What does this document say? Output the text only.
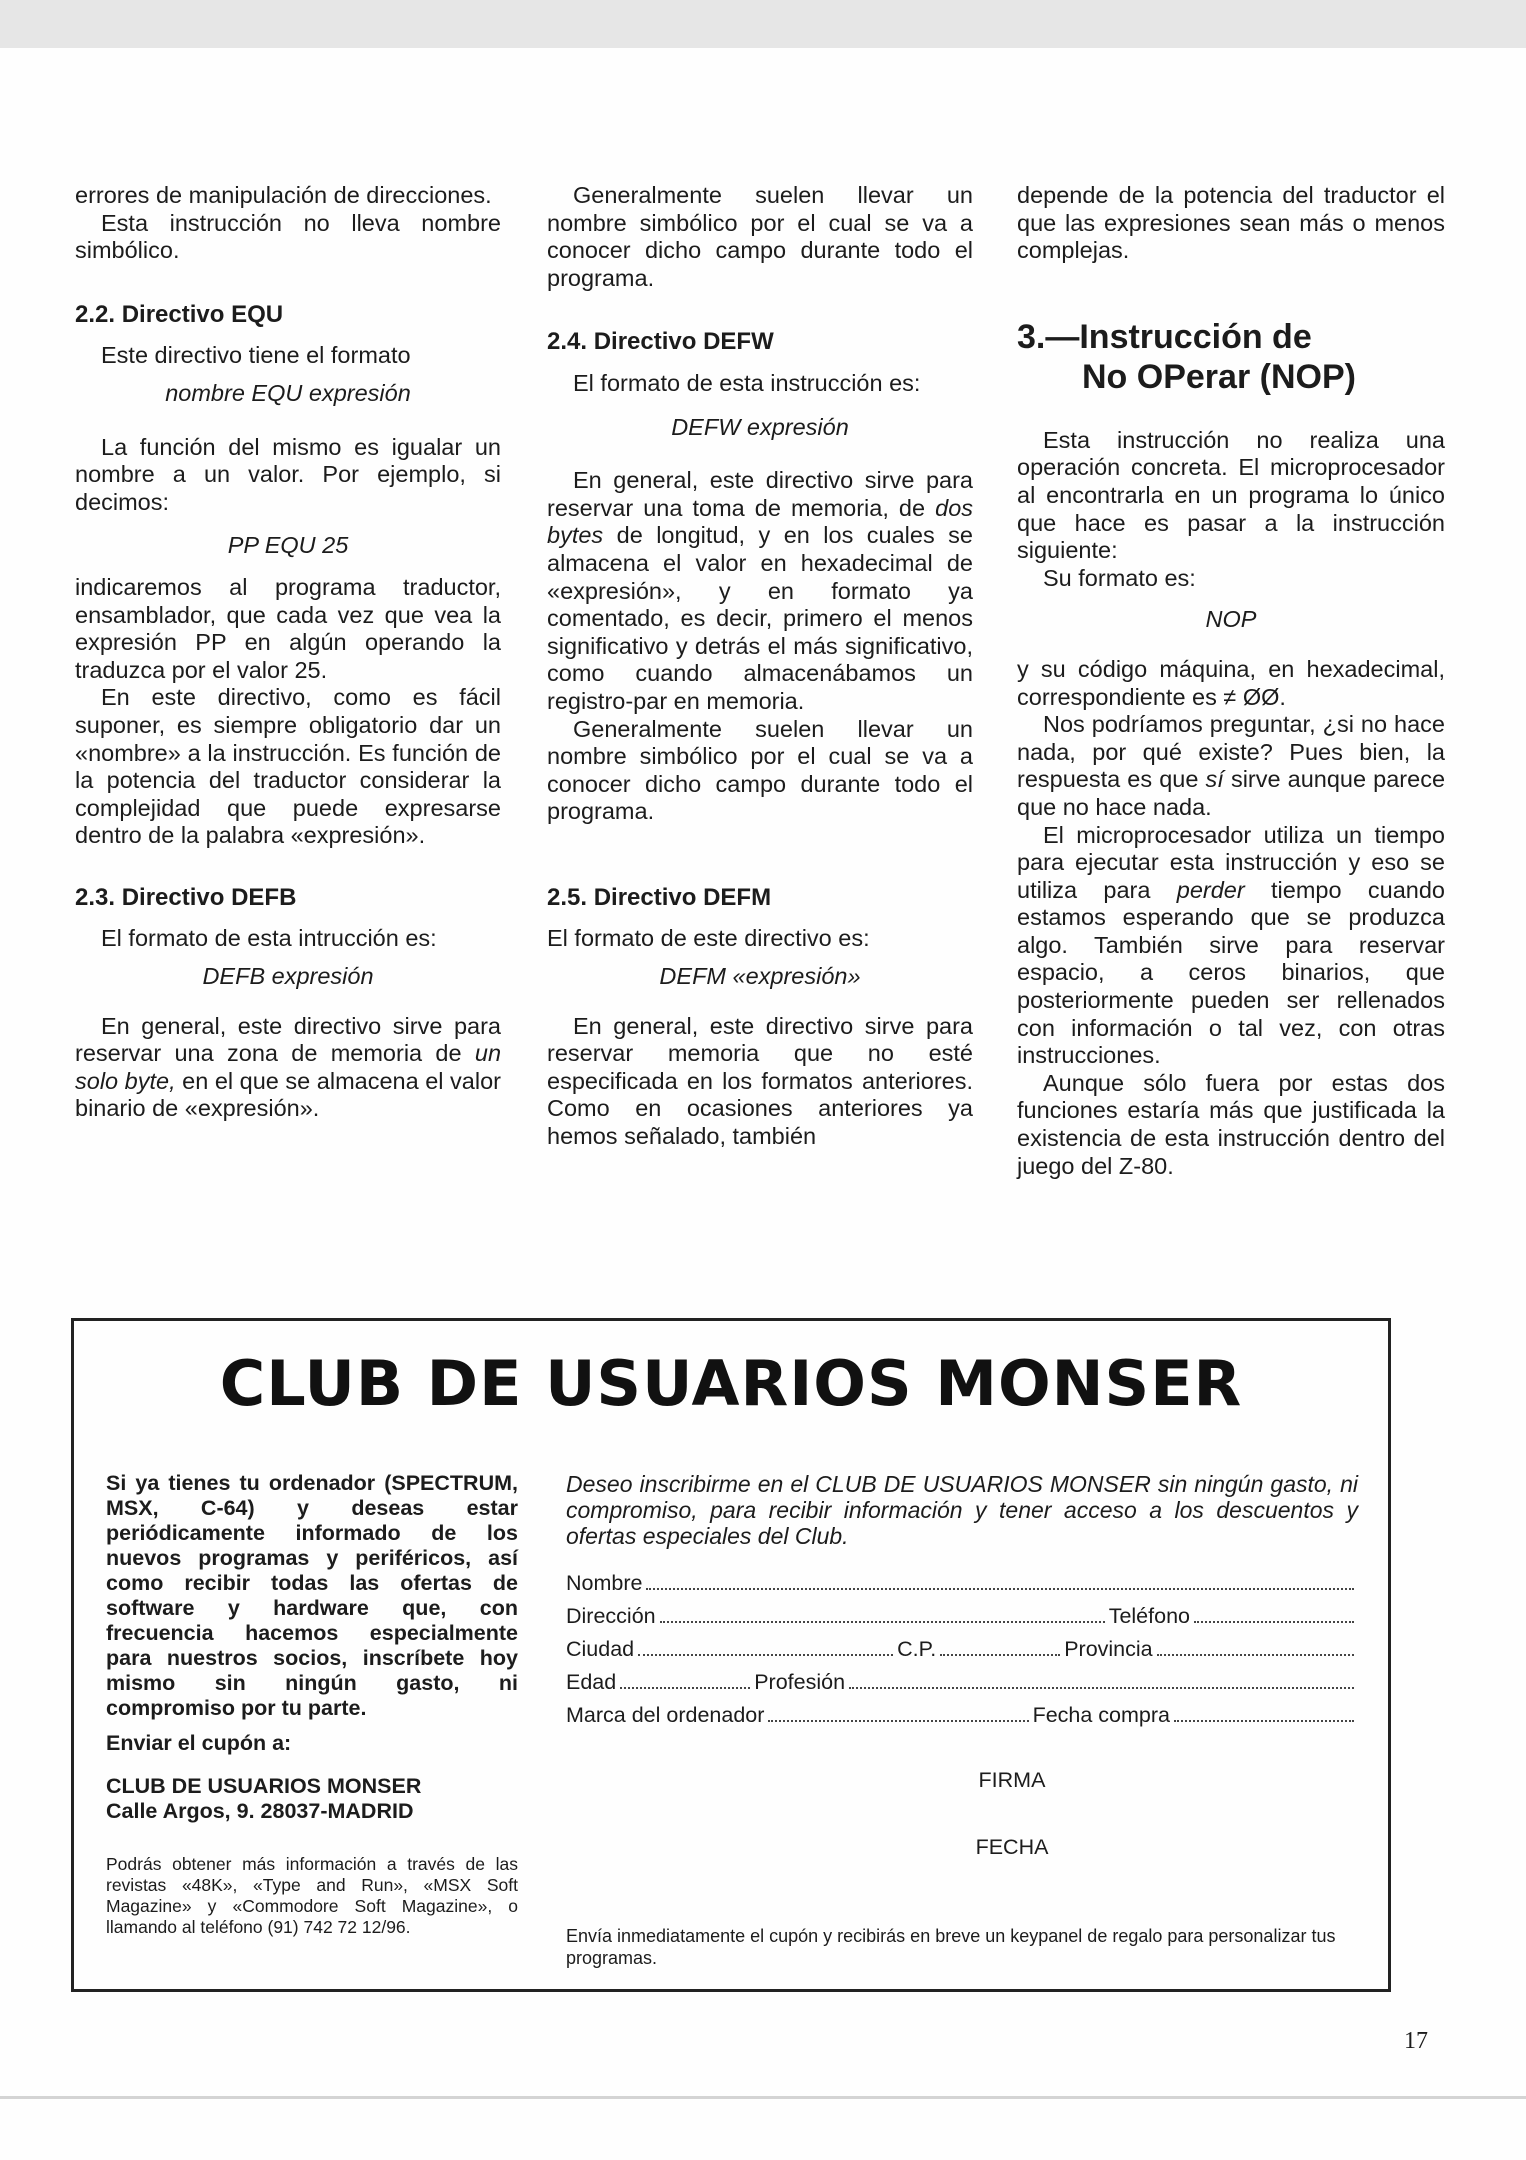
errores de manipulación de direcciones.

Esta instrucción no lleva nombre simbólico.

2.2. Directivo EQU

Este directivo tiene el formato

nombre EQU expresión

La función del mismo es igualar un nombre a un valor. Por ejemplo, si decimos:

PP EQU 25

indicaremos al programa traductor, ensamblador, que cada vez que vea la expresión PP en algún operando la traduzca por el valor 25.

En este directivo, como es fácil suponer, es siempre obligatorio dar un «nombre» a la instrucción. Es función de la potencia del traductor considerar la complejidad que puede expresarse dentro de la palabra «expresión».

2.3. Directivo DEFB

El formato de esta intrucción es:

DEFB expresión

En general, este directivo sirve para reservar una zona de memoria de un solo byte, en el que se almacena el valor binario de «expresión».

Generalmente suelen llevar un nombre simbólico por el cual se va a conocer dicho campo durante todo el programa.

2.4. Directivo DEFW

El formato de esta instrucción es:

DEFW expresión

En general, este directivo sirve para reservar una toma de memoria, de dos bytes de longitud, y en los cuales se almacena el valor en hexadecimal de «expresión», y en formato ya comentado, es decir, primero el menos significativo y detrás el más significativo, como cuando almacenábamos un registro-par en memoria.

Generalmente suelen llevar un nombre simbólico por el cual se va a conocer dicho campo durante todo el programa.

2.5. Directivo DEFM

El formato de este directivo es:

DEFM «expresión»

En general, este directivo sirve para reservar memoria que no esté especificada en los formatos anteriores. Como en ocasiones anteriores ya hemos señalado, también

depende de la potencia del traductor el que las expresiones sean más o menos complejas.

3.—Instrucción de
No OPerar (NOP)

Esta instrucción no realiza una operación concreta. El microprocesador al encontrarla en un programa lo único que hace es pasar a la instrucción siguiente:

Su formato es:

NOP

y su código máquina, en hexadecimal, correspondiente es ≠ ØØ.

Nos podríamos preguntar, ¿si no hace nada, por qué existe? Pues bien, la respuesta es que sí sirve aunque parece que no hace nada.

El microprocesador utiliza un tiempo para ejecutar esta instrucción y eso se utiliza para perder tiempo cuando estamos esperando que se produzca algo. También sirve para reservar espacio, a ceros binarios, que posteriormente pueden ser rellenados con información o tal vez, con otras instrucciones.

Aunque sólo fuera por estas dos funciones estaría más que justificada la existencia de esta instrucción dentro del juego del Z-80.

CLUB DE USUARIOS MONSER

Si ya tienes tu ordenador (SPECTRUM, MSX, C-64) y deseas estar periódicamente informado de los nuevos programas y periféricos, así como recibir todas las ofertas de software y hardware que, con frecuencia hacemos especialmente para nuestros socios, inscríbete hoy mismo sin ningún gasto, ni compromiso por tu parte.

Enviar el cupón a:

CLUB DE USUARIOS MONSER
Calle Argos, 9. 28037-MADRID

Podrás obtener más información a través de las revistas «48K», «Type and Run», «MSX Soft Magazine» y «Commodore Soft Magazine», o llamando al teléfono (91) 742 72 12/96.

Deseo inscribirme en el CLUB DE USUARIOS MONSER sin ningún gasto, ni compromiso, para recibir información y tener acceso a los descuentos y ofertas especiales del Club.

Nombre
Dirección	Teléfono
Ciudad	C.P.	Provincia
Edad	Profesión
Marca del ordenador	Fecha compra
FIRMA
FECHA
Envía inmediatamente el cupón y recibirás en breve un keypanel de regalo para personalizar tus programas.
17
